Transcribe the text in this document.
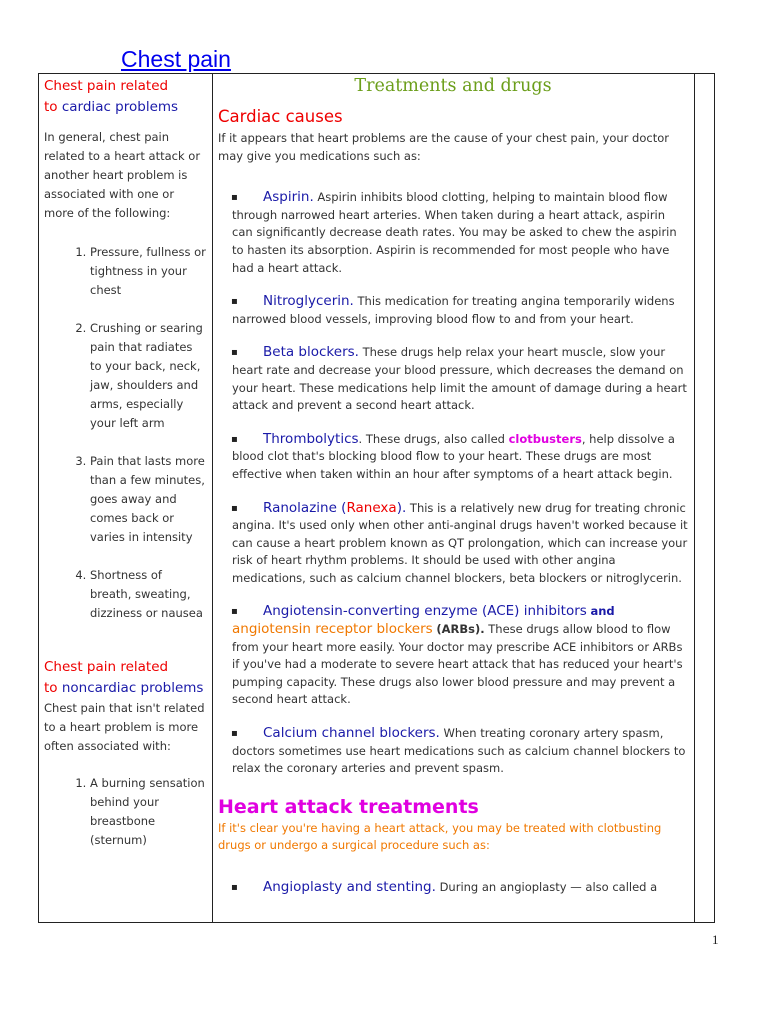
Chest pain
Chest pain related
to cardiac problems

In general, chest pain related to a heart attack or another heart problem is associated with one or more of the following:

1. Pressure, fullness or tightness in your chest
2. Crushing or searing pain that radiates to your back, neck, jaw, shoulders and arms, especially your left arm
3. Pain that lasts more than a few minutes, goes away and comes back or varies in intensity
4. Shortness of breath, sweating, dizziness or nausea
Chest pain related
to noncardiac problems

Chest pain that isn't related to a heart problem is more often associated with:

1. A burning sensation behind your breastbone (sternum)

Treatments and drugs

Cardiac causes

If it appears that heart problems are the cause of your chest pain, your doctor may give you medications such as:

▪ Aspirin. Aspirin inhibits blood clotting, helping to maintain blood flow through narrowed heart arteries. When taken during a heart attack, aspirin can significantly decrease death rates. You may be asked to chew the aspirin to hasten its absorption. Aspirin is recommended for most people who have had a heart attack.
▪ Nitroglycerin. This medication for treating angina temporarily widens narrowed blood vessels, improving blood flow to and from your heart.
▪ Beta blockers. These drugs help relax your heart muscle, slow your heart rate and decrease your blood pressure, which decreases the demand on your heart. These medications help limit the amount of damage during a heart attack and prevent a second heart attack.
▪ Thrombolytics. These drugs, also called clotbusters, help dissolve a blood clot that's blocking blood flow to your heart. These drugs are most effective when taken within an hour after symptoms of a heart attack begin.
▪ Ranolazine (Ranexa). This is a relatively new drug for treating chronic angina. It's used only when other anti-anginal drugs haven't worked because it can cause a heart problem known as QT prolongation, which can increase your risk of heart rhythm problems. It should be used with other angina medications, such as calcium channel blockers, beta blockers or nitroglycerin.
▪ Angiotensin-converting enzyme (ACE) inhibitors and angiotensin receptor blockers (ARBs). These drugs allow blood to flow from your heart more easily. Your doctor may prescribe ACE inhibitors or ARBs if you've had a moderate to severe heart attack that has reduced your heart's pumping capacity. These drugs also lower blood pressure and may prevent a second heart attack.
▪ Calcium channel blockers. When treating coronary artery spasm, doctors sometimes use heart medications such as calcium channel blockers to relax the coronary arteries and prevent spasm.

Heart attack treatments

If it's clear you're having a heart attack, you may be treated with clotbusting drugs or undergo a surgical procedure such as:

▪ Angioplasty and stenting. During an angioplasty — also called a
1
